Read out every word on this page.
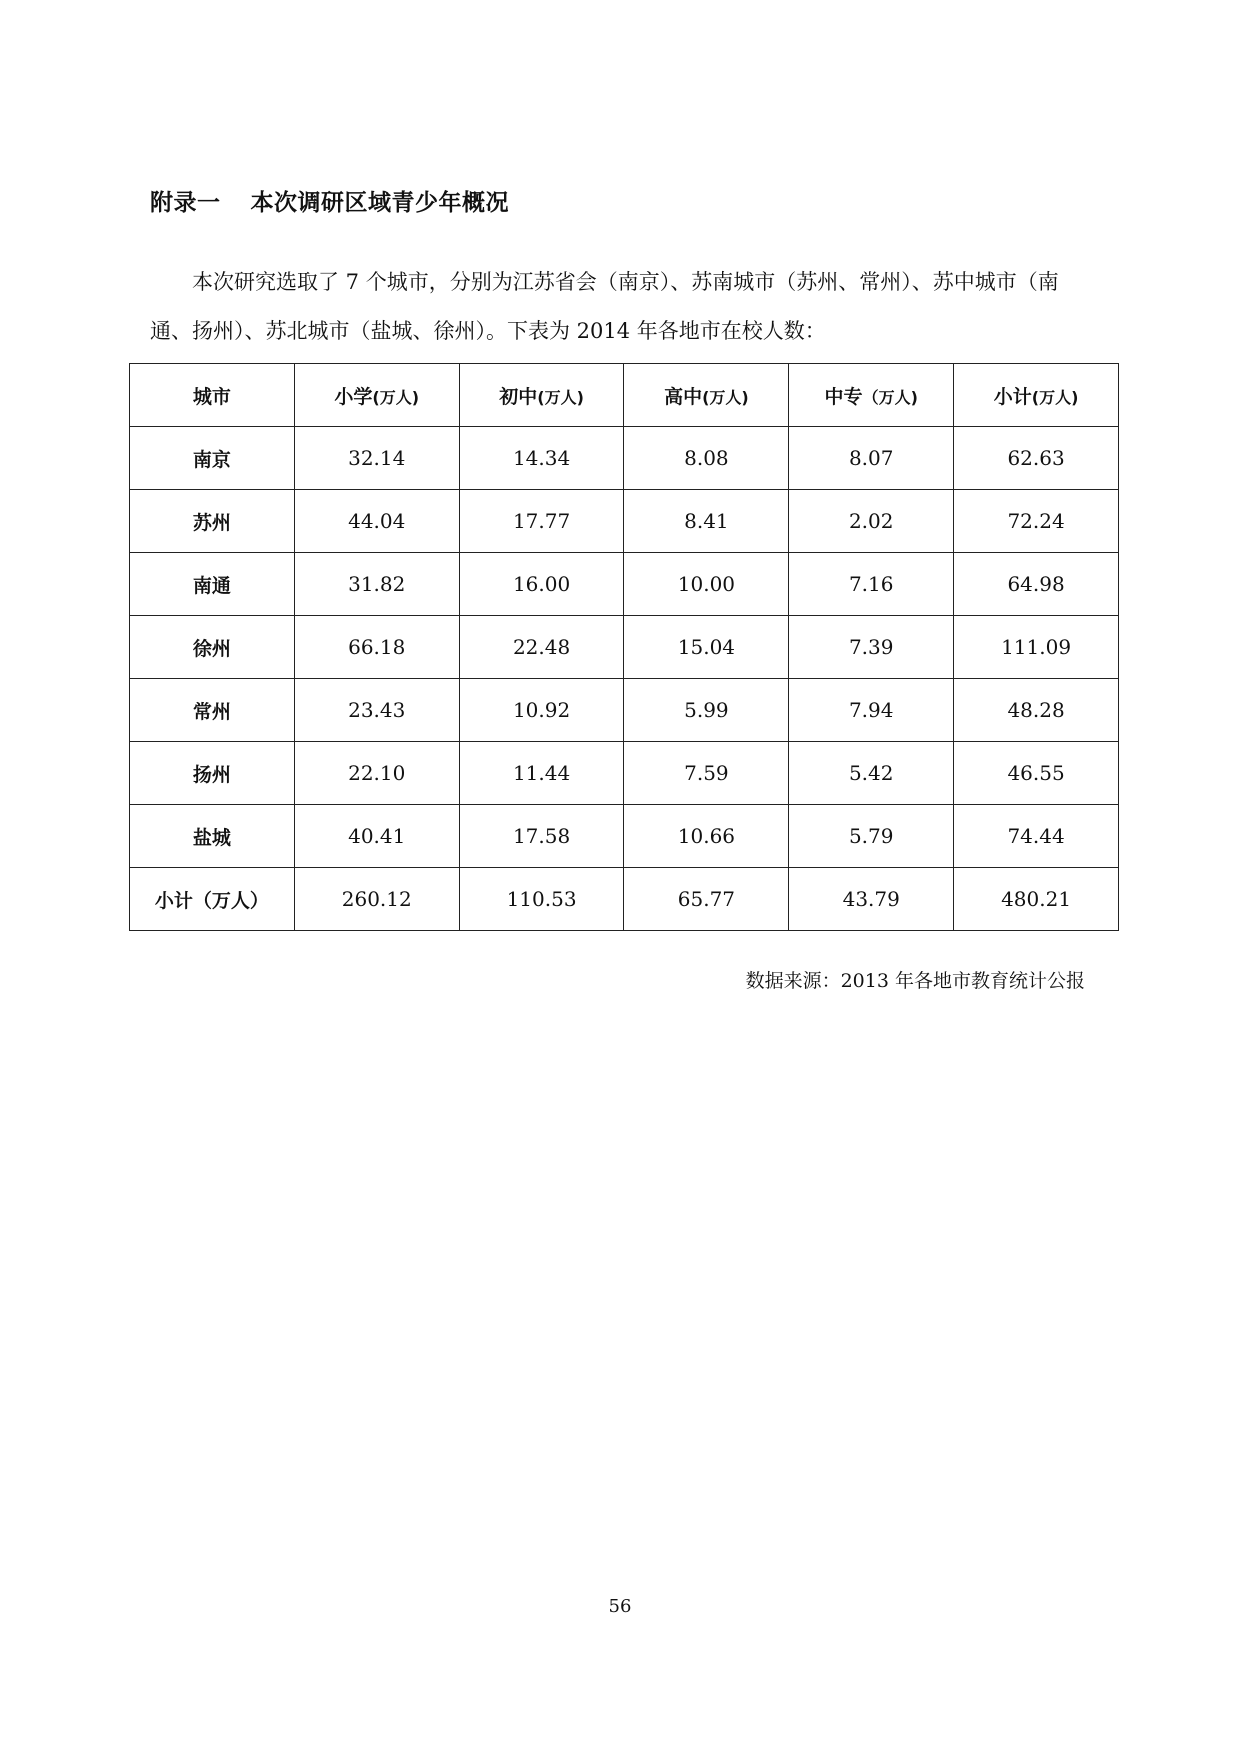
附录一 本次调研区域青少年概况
本次研究选取了 7 个城市，分别为江苏省会（南京）、苏南城市（苏州、常州）、苏中城市（南通、扬州）、苏北城市（盐城、徐州）。下表为 2014 年各地市在校人数：
城市	小学(万人)	初中(万人)	高中(万人)	中专（万人)	小计(万人)
南京	32.14	14.34	8.08	8.07	62.63
苏州	44.04	17.77	8.41	2.02	72.24
南通	31.82	16.00	10.00	7.16	64.98
徐州	66.18	22.48	15.04	7.39	111.09
常州	23.43	10.92	5.99	7.94	48.28
扬州	22.10	11.44	7.59	5.42	46.55
盐城	40.41	17.58	10.66	5.79	74.44
小计（万人）	260.12	110.53	65.77	43.79	480.21
数据来源：2013 年各地市教育统计公报
56
